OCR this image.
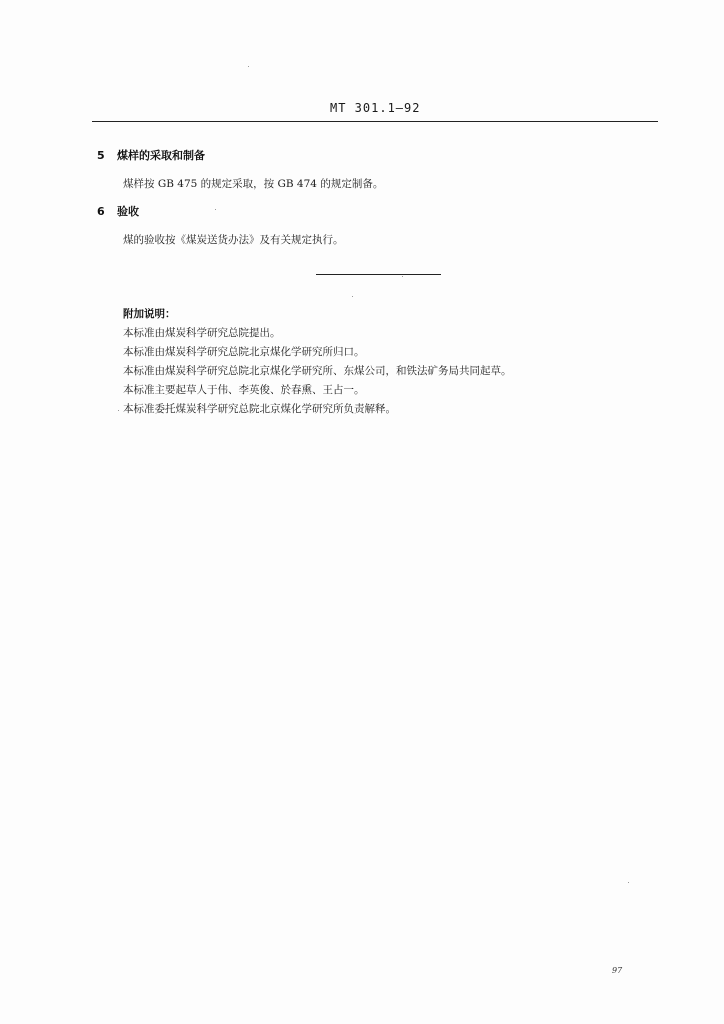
MT 301.1—92
5 煤样的采取和制备
煤样按 GB 475 的规定采取，按 GB 474 的规定制备。
6 验收
煤的验收按《煤炭送货办法》及有关规定执行。
附加说明：
本标准由煤炭科学研究总院提出。
本标准由煤炭科学研究总院北京煤化学研究所归口。
本标准由煤炭科学研究总院北京煤化学研究所、东煤公司，和铁法矿务局共同起草。
本标准主要起草人于伟、李英俊、於春熏、王占一。
本标准委托煤炭科学研究总院北京煤化学研究所负责解释。
97
